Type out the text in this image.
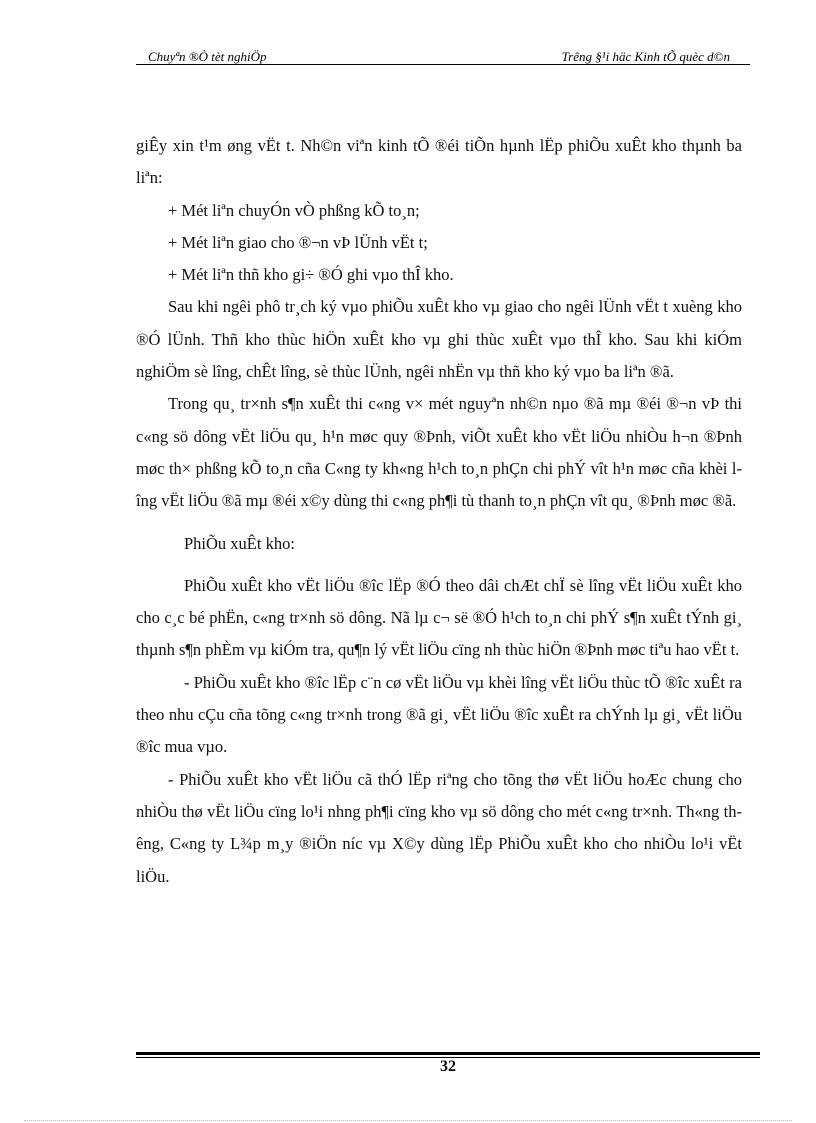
Chuyªn ®Ò tèt nghiÖp	Trêng §¹i häc Kinh tÕ quèc d©n

giÊy xin t¹m øng vËt t. Nh©n viªn kinh tÕ ®éi tiÕn hµnh lËp phiÕu xuÊt kho thµnh ba liªn:

+ Mét liªn chuyÓn vÒ phßng kÕ to¸n;

+ Mét liªn giao cho ®¬n vÞ lÜnh vËt t;

+ Mét liªn thñ kho gi÷ ®Ó ghi vµo thÎ kho.

Sau khi ngêi phô tr¸ch ký vµo phiÕu xuÊt kho vµ giao cho ngêi lÜnh vËt t xuèng kho ®Ó lÜnh. Thñ kho thùc hiÖn xuÊt kho vµ ghi thùc xuÊt vµo thÎ kho. Sau khi kiÓm nghiÖm sè lîng, chÊt lîng, sè thùc lÜnh, ngêi nhËn vµ thñ kho ký vµo ba liªn ®ã.

Trong qu¸ tr×nh s¶n xuÊt thi c«ng v× mét nguyªn nh©n nµo ®ã mµ ®éi ®¬n vÞ thi c«ng sö dông vËt liÖu qu¸ h¹n møc quy ®Þnh, viÕt xuÊt kho vËt liÖu nhiÒu h¬n ®Þnh møc th× phßng kÕ to¸n cña C«ng ty kh«ng h¹ch to¸n phÇn chi phÝ vît h¹n møc cña khèi lîng vËt liÖu ®ã mµ ®éi x©y dùng thi c«ng ph¶i tù thanh to¸n phÇn vît qu¸ ®Þnh møc ®ã.

PhiÕu xuÊt kho:

PhiÕu xuÊt kho vËt liÖu ®îc lËp ®Ó theo dâi chÆt chÏ sè lîng vËt liÖu xuÊt kho cho c¸c bé phËn, c«ng tr×nh sö dông. Nã lµ c¬ së ®Ó h¹ch to¸n chi phÝ s¶n xuÊt tÝnh gi¸ thµnh s¶n phÈm vµ kiÓm tra, qu¶n lý vËt liÖu cïng nh thùc hiÖn ®Þnh møc tiªu hao vËt t.

- PhiÕu xuÊt kho ®îc lËp c¨n cø vËt liÖu vµ khèi lîng vËt liÖu thùc tÕ ®îc xuÊt ra theo nhu cÇu cña tõng c«ng tr×nh trong ®ã gi¸ vËt liÖu ®îc xuÊt ra chÝnh lµ gi¸ vËt liÖu ®îc mua vµo.

- PhiÕu xuÊt kho vËt liÖu cã thÓ lËp riªng cho tõng thø vËt liÖu hoÆc chung cho nhiÒu thø vËt liÖu cïng lo¹i nhng ph¶i cïng kho vµ sö dông cho mét c«ng tr×nh. Th«ng thêng, C«ng ty L¾p m¸y ®iÖn níc vµ X©y dùng lËp PhiÕu xuÊt kho cho nhiÒu lo¹i vËt liÖu.

32
